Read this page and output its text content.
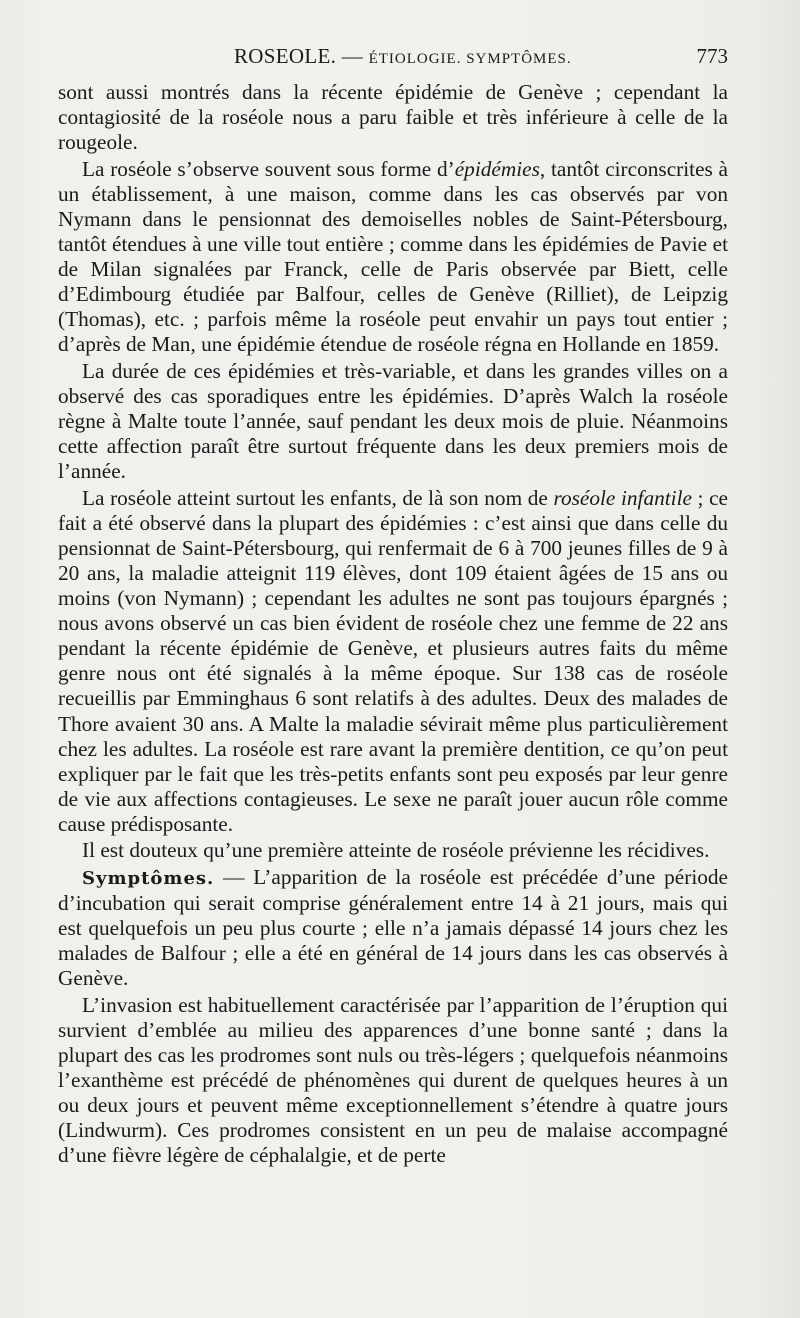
ROSEOLE. — ÉTIOLOGIE. SYMPTÔMES.	773

sont aussi montrés dans la récente épidémie de Genève ; cependant la contagiosité de la roséole nous a paru faible et très inférieure à celle de la rougeole.

La roséole s’observe souvent sous forme d’épidémies, tantôt circonscrites à un établissement, à une maison, comme dans les cas observés par von Nymann dans le pensionnat des demoiselles nobles de Saint-Pétersbourg, tantôt étendues à une ville tout entière ; comme dans les épidémies de Pavie et de Milan signalées par Franck, celle de Paris observée par Biett, celle d’Edimbourg étudiée par Balfour, celles de Genève (Rilliet), de Leipzig (Thomas), etc. ; parfois même la roséole peut envahir un pays tout entier ; d’après de Man, une épidémie étendue de roséole régna en Hollande en 1859.

La durée de ces épidémies et très-variable, et dans les grandes villes on a observé des cas sporadiques entre les épidémies. D’après Walch la roséole règne à Malte toute l’année, sauf pendant les deux mois de pluie. Néanmoins cette affection paraît être surtout fréquente dans les deux premiers mois de l’année.

La roséole atteint surtout les enfants, de là son nom de roséole infantile ; ce fait a été observé dans la plupart des épidémies : c’est ainsi que dans celle du pensionnat de Saint-Pétersbourg, qui renfermait de 6 à 700 jeunes filles de 9 à 20 ans, la maladie atteignit 119 élèves, dont 109 étaient âgées de 15 ans ou moins (von Nymann) ; cependant les adultes ne sont pas toujours épargnés ; nous avons observé un cas bien évident de roséole chez une femme de 22 ans pendant la récente épidémie de Genève, et plusieurs autres faits du même genre nous ont été signalés à la même époque. Sur 138 cas de roséole recueillis par Emminghaus 6 sont relatifs à des adultes. Deux des malades de Thore avaient 30 ans. A Malte la maladie sévirait même plus particulièrement chez les adultes. La roséole est rare avant la première dentition, ce qu’on peut expliquer par le fait que les très-petits enfants sont peu exposés par leur genre de vie aux affections contagieuses. Le sexe ne paraît jouer aucun rôle comme cause prédisposante.

Il est douteux qu’une première atteinte de roséole prévienne les récidives.

Symptômes. — L’apparition de la roséole est précédée d’une période d’incubation qui serait comprise généralement entre 14 à 21 jours, mais qui est quelquefois un peu plus courte ; elle n’a jamais dépassé 14 jours chez les malades de Balfour ; elle a été en général de 14 jours dans les cas observés à Genève.

L’invasion est habituellement caractérisée par l’apparition de l’éruption qui survient d’emblée au milieu des apparences d’une bonne santé ; dans la plupart des cas les prodromes sont nuls ou très-légers ; quelquefois néanmoins l’exanthème est précédé de phénomènes qui durent de quelques heures à un ou deux jours et peuvent même exceptionnellement s’étendre à quatre jours (Lindwurm). Ces prodromes consistent en un peu de malaise accompagné d’une fièvre légère de céphalalgie, et de perte
